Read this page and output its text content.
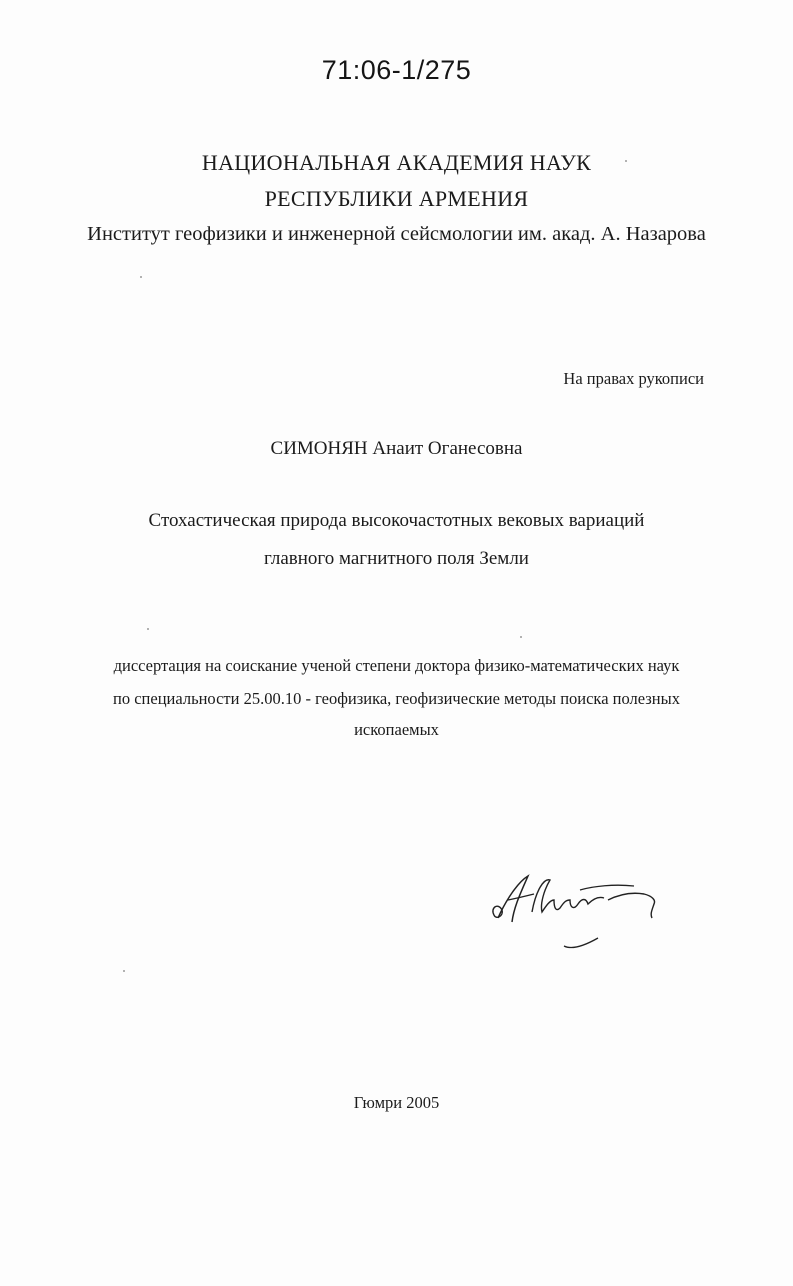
71:06-1/275
НАЦИОНАЛЬНАЯ АКАДЕМИЯ НАУК
РЕСПУБЛИКИ АРМЕНИЯ
Институт геофизики и инженерной сейсмологии им. акад. А. Назарова
На правах рукописи
СИМОНЯН Анаит Оганесовна
Стохастическая природа высокочастотных вековых вариаций
главного магнитного поля Земли
диссертация на соискание ученой степени доктора физико-математических наук
по специальности 25.00.10 - геофизика, геофизические методы поиска полезных
ископаемых
Гюмри 2005
